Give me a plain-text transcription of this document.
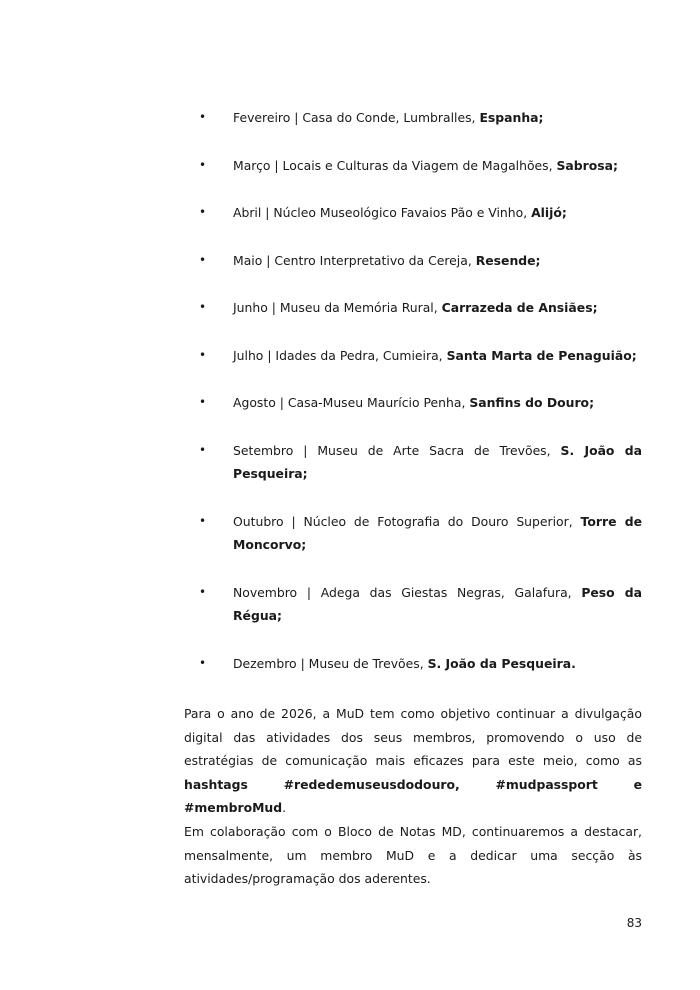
• Fevereiro | Casa do Conde, Lumbralles, Espanha;
• Março | Locais e Culturas da Viagem de Magalhões, Sabrosa;
• Abril | Núcleo Museológico Favaios Pão e Vinho, Alijó;
• Maio | Centro Interpretativo da Cereja, Resende;
• Junho | Museu da Memória Rural, Carrazeda de Ansiães;
• Julho | Idades da Pedra, Cumieira, Santa Marta de Penaguião;
• Agosto | Casa-Museu Maurício Penha, Sanfins do Douro;
• Setembro | Museu de Arte Sacra de Trevões, S. João da Pesqueira;
• Outubro | Núcleo de Fotografia do Douro Superior, Torre de Moncorvo;
• Novembro | Adega das Giestas Negras, Galafura, Peso da Régua;
• Dezembro | Museu de Trevões, S. João da Pesqueira.

Para o ano de 2026, a MuD tem como objetivo continuar a divulgação digital das atividades dos seus membros, promovendo o uso de estratégias de comunicação mais eficazes para este meio, como as hashtags #rededemuseusdodouro, #mudpassport e #membroMud.

Em colaboração com o Bloco de Notas MD, continuaremos a destacar, mensalmente, um membro MuD e a dedicar uma secção às atividades/programação dos aderentes.

83
